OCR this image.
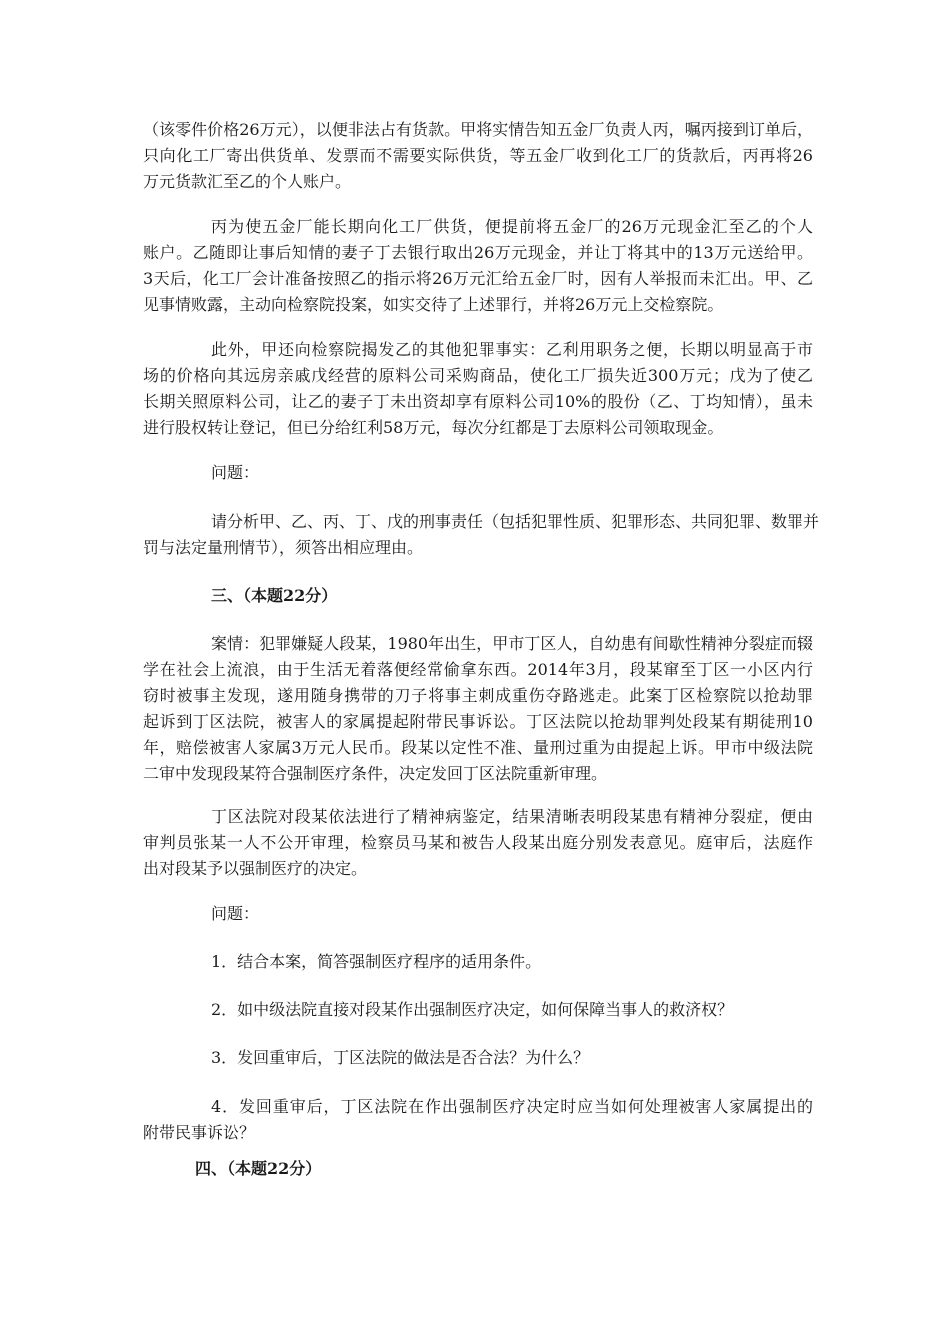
（该零件价格26万元），以便非法占有货款。甲将实情告知五金厂负责人丙，嘱丙接到订单后，
只向化工厂寄出供货单、发票而不需要实际供货，等五金厂收到化工厂的货款后，丙再将26
万元货款汇至乙的个人账户。
丙为使五金厂能长期向化工厂供货，便提前将五金厂的26万元现金汇至乙的个人
账户。乙随即让事后知情的妻子丁去银行取出26万元现金，并让丁将其中的13万元送给甲。
3天后，化工厂会计准备按照乙的指示将26万元汇给五金厂时，因有人举报而未汇出。甲、乙
见事情败露，主动向检察院投案，如实交待了上述罪行，并将26万元上交检察院。
此外，甲还向检察院揭发乙的其他犯罪事实：乙利用职务之便，长期以明显高于市
场的价格向其远房亲戚戊经营的原料公司采购商品，使化工厂损失近300万元；戊为了使乙
长期关照原料公司，让乙的妻子丁未出资却享有原料公司10%的股份（乙、丁均知情），虽未
进行股权转让登记，但已分给红利58万元，每次分红都是丁去原料公司领取现金。
问题：
请分析甲、乙、丙、丁、戊的刑事责任（包括犯罪性质、犯罪形态、共同犯罪、数罪并
罚与法定量刑情节），须答出相应理由。
三、（本题22分）
案情：犯罪嫌疑人段某，1980年出生，甲市丁区人，自幼患有间歇性精神分裂症而辍
学在社会上流浪，由于生活无着落便经常偷拿东西。2014年3月，段某窜至丁区一小区内行
窃时被事主发现，遂用随身携带的刀子将事主刺成重伤夺路逃走。此案丁区检察院以抢劫罪
起诉到丁区法院，被害人的家属提起附带民事诉讼。丁区法院以抢劫罪判处段某有期徒刑10
年，赔偿被害人家属3万元人民币。段某以定性不准、量刑过重为由提起上诉。甲市中级法院
二审中发现段某符合强制医疗条件，决定发回丁区法院重新审理。
丁区法院对段某依法进行了精神病鉴定，结果清晰表明段某患有精神分裂症，便由
审判员张某一人不公开审理，检察员马某和被告人段某出庭分别发表意见。庭审后，法庭作
出对段某予以强制医疗的决定。
问题：
1．结合本案，简答强制医疗程序的适用条件。
2．如中级法院直接对段某作出强制医疗决定，如何保障当事人的救济权？
3．发回重审后，丁区法院的做法是否合法？为什么？
4．发回重审后，丁区法院在作出强制医疗决定时应当如何处理被害人家属提出的
附带民事诉讼？
四、（本题22分）
